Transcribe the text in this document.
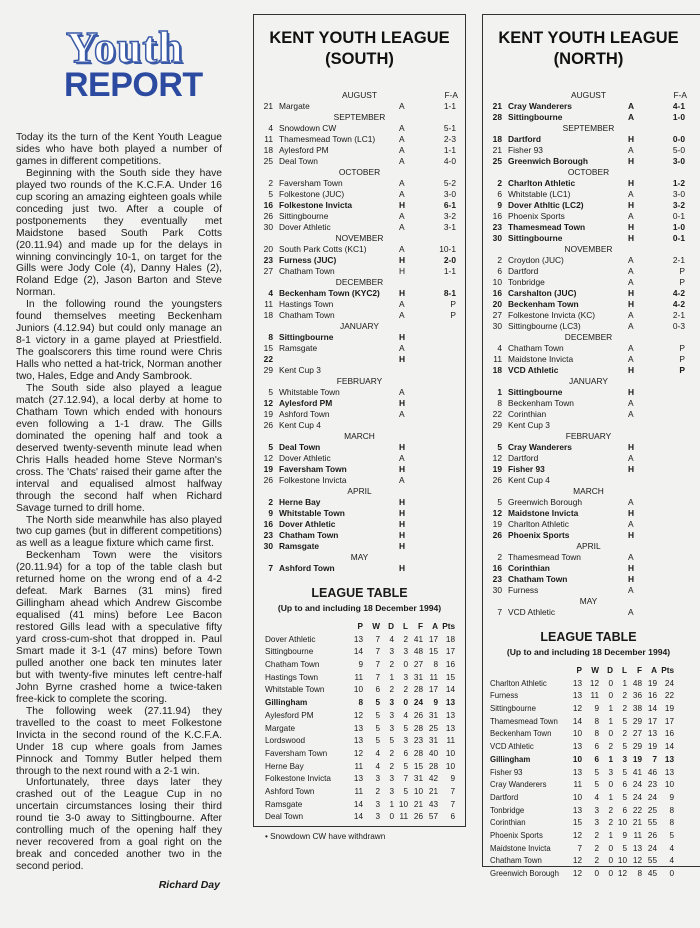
Youth
REPORT

Today its the turn of the Kent Youth League sides who have both played a number of games in different competitions.

Beginning with the South side they have played two rounds of the K.C.F.A. Under 16 cup scoring an amazing eighteen goals while conceding just two. After a couple of postponements they eventually met Maidstone based South Park Cotts (20.11.94) and made up for the delays in winning convincingly 10-1, on target for the Gills were Jody Cole (4), Danny Hales (2), Roland Edge (2), Jason Barton and Steve Norman.

In the following round the youngsters found themselves meeting Beckenham Juniors (4.12.94) but could only manage an 8-1 victory in a game played at Priestfield. The goalscorers this time round were Chris Halls who netted a hat-trick, Norman another two, Hales, Edge and Andy Sambrook.

The South side also played a league match (27.12.94), a local derby at home to Chatham Town which ended with honours even following a 1-1 draw. The Gills dominated the opening half and took a deserved twenty-seventh minute lead when Chris Halls headed home Steve Norman's cross. The 'Chats' raised their game after the interval and equalised almost halfway through the second half when Richard Savage turned to drill home.

The North side meanwhile has also played two cup games (but in different competitions) as well as a league fixture which came first.

Beckenham Town were the visitors (20.11.94) for a top of the table clash but returned home on the wrong end of a 4-2 defeat. Mark Barnes (31 mins) fired Gillingham ahead which Andrew Giscombe equalised (41 mins) before Lee Bacon restored Gills lead with a speculative fifty yard cross-cum-shot that dropped in. Paul Smart made it 3-1 (47 mins) before Town pulled another one back ten minutes later but with twenty-five minutes left centre-half John Byrne crashed home a twice-taken free-kick to complete the scoring.

The following week (27.11.94) they travelled to the coast to meet Folkestone Invicta in the second round of the K.C.F.A. Under 18 cup where goals from James Pinnock and Tommy Butler helped them through to the next round with a 2-1 win.

Unfortunately, three days later they crashed out of the League Cup in no uncertain circumstances losing their third round tie 3-0 away to Sittingbourne. After controlling much of the opening half they never recovered from a goal right on the break and conceded another two in the second period.

Richard Day
KENT YOUTH LEAGUE
(SOUTH)
AUGUST	F-A
21 Margate	A	1-1
SEPTEMBER
4 Snowdown CW	A	5-1
11 Thamesmead Town (LC1)	A	2-3
18 Aylesford PM	A	1-1
25 Deal Town	A	4-0
OCTOBER
2 Faversham Town	A	5-2
5 Folkestone (JUC)	A	3-0
16 Folkestone Invicta	H	6-1
26 Sittingbourne	A	3-2
30 Dover Athletic	A	3-1
NOVEMBER
20 South Park Cotts (KC1)	A	10-1
23 Furness (JUC)	H	2-0
27 Chatham Town	H	1-1
DECEMBER
4 Beckenham Town (KYC2) H	8-1
11 Hastings Town	A	P
18 Chatham Town	A	P
JANUARY
8 Sittingbourne	H
15 Ramsgate	A
22	H
29 Kent Cup 3
FEBRUARY
5 Whitstable Town	A
12 Aylesford PM	H
19 Ashford Town	A
26 Kent Cup 4
MARCH
5 Deal Town	H
12 Dover Athletic	A
19 Faversham Town	H
26 Folkestone Invicta	A
APRIL
2 Herne Bay	H
9 Whitstable Town	H
16 Dover Athletic	H
23 Chatham Town	H
30 Ramsgate	H
MAY
7 Ashford Town	H
LEAGUE TABLE
(Up to and including 18 December 1994)
P	W D	L	F	A Pts
Dover Athletic	13	7	4	2 41 17 18
Sittingbourne	14	7	3	3 48 15 17
Chatham Town	9	7	2	0 27	8 16
Hastings Town	11	7	1	3 31 11 15
Whitstable Town	10	6	2	2 28 17 14
Gillingham	8	5	3	0 24	9 13
Aylesford PM	12	5	3	4 26 31 13
Margate	13	5	3	5 28 25 13
Lordswood	13	5	5	3 23 31	11
Faversham Town	12	4	2	6 28 40 10
Herne Bay	11	4	2	5 15 28 10
Folkestone Invicta	13	3	3	7 31 42	9
Ashford Town	11	2	3	5 10 21	7
Ramsgate	14	3	1 10 21 43	7
Deal Town	14	3	0 11 26 57	6
• Snowdown CW have withdrawn
KENT YOUTH LEAGUE
(NORTH)
AUGUST	F-A
21 Cray Wanderers	A	4-1
28 Sittingbourne	A	1-0
SEPTEMBER
18 Dartford	H	0-0
21 Fisher 93	A	5-0
25 Greenwich Borough	H	3-0
OCTOBER
2 Charlton Athletic	H	1-2
6 Whitstable (LC1)	A	3-0
9 Dover Athltic (LC2)	H	3-2
16 Phoenix Sports	A	0-1
23 Thamesmead Town	H	1-0
30 Sittingbourne	H	0-1
NOVEMBER
2 Croydon (JUC)	A	2-1
6 Dartford	A	P
10 Tonbridge	A	P
16 Carshalton (JUC)	H	4-2
20 Beckenham Town	H	4-2
27 Folkestone Invicta (KC)	A	2-1
30 Sittingbourne (LC3)	A	0-3
DECEMBER
4 Chatham Town	A	P
11 Maidstone Invicta	A	P
18 VCD Athletic	H	P
JANUARY
1 Sittingbourne	H
8 Beckenham Town	A
22 Corinthian	A
29 Kent Cup 3
FEBRUARY
5 Cray Wanderers	H
12 Dartford	A
19 Fisher 93	H
26 Kent Cup 4
MARCH
5 Greenwich Borough	A
12 Maidstone Invicta	H
19 Charlton Athletic	A
26 Phoenix Sports	H
APRIL
2 Thamesmead Town	A
16 Corinthian	H
23 Chatham Town	H
30 Furness	A
MAY
7 VCD Athletic	A
LEAGUE TABLE
(Up to and including 18 December 1994)
P	W D	L	F	A Pts
Charlton Athletic	13 12	0	1 48 19 24
Furness	13	11	0	2 36 16 22
Sittingbourne	12	9	1	2 38 14 19
Thamesmead Town	14	8	1	5 29 17 17
Beckenham Town	10	8	0	2 27 13 16
VCD Athletic	13	6	2	5 29 19 14
Gillingham	10	6	1	3 19	7 13
Fisher 93	13	5	3	5 41 46 13
Cray Wanderers	11	5	0	6 24 23 10
Dartford	10	4	1	5 24 24	9
Tonbridge	13	3	2	6 22 25	8
Corinthian	15	3	2 10 21 55	8
Phoenix Sports	12	2	1	9 11 26	5
Maidstone Invicta	7	2	0	5 13 24	4
Chatham Town	12	2	0 10 12 55	4
Greenwich Borough	12	0	0 12	8 45	0
